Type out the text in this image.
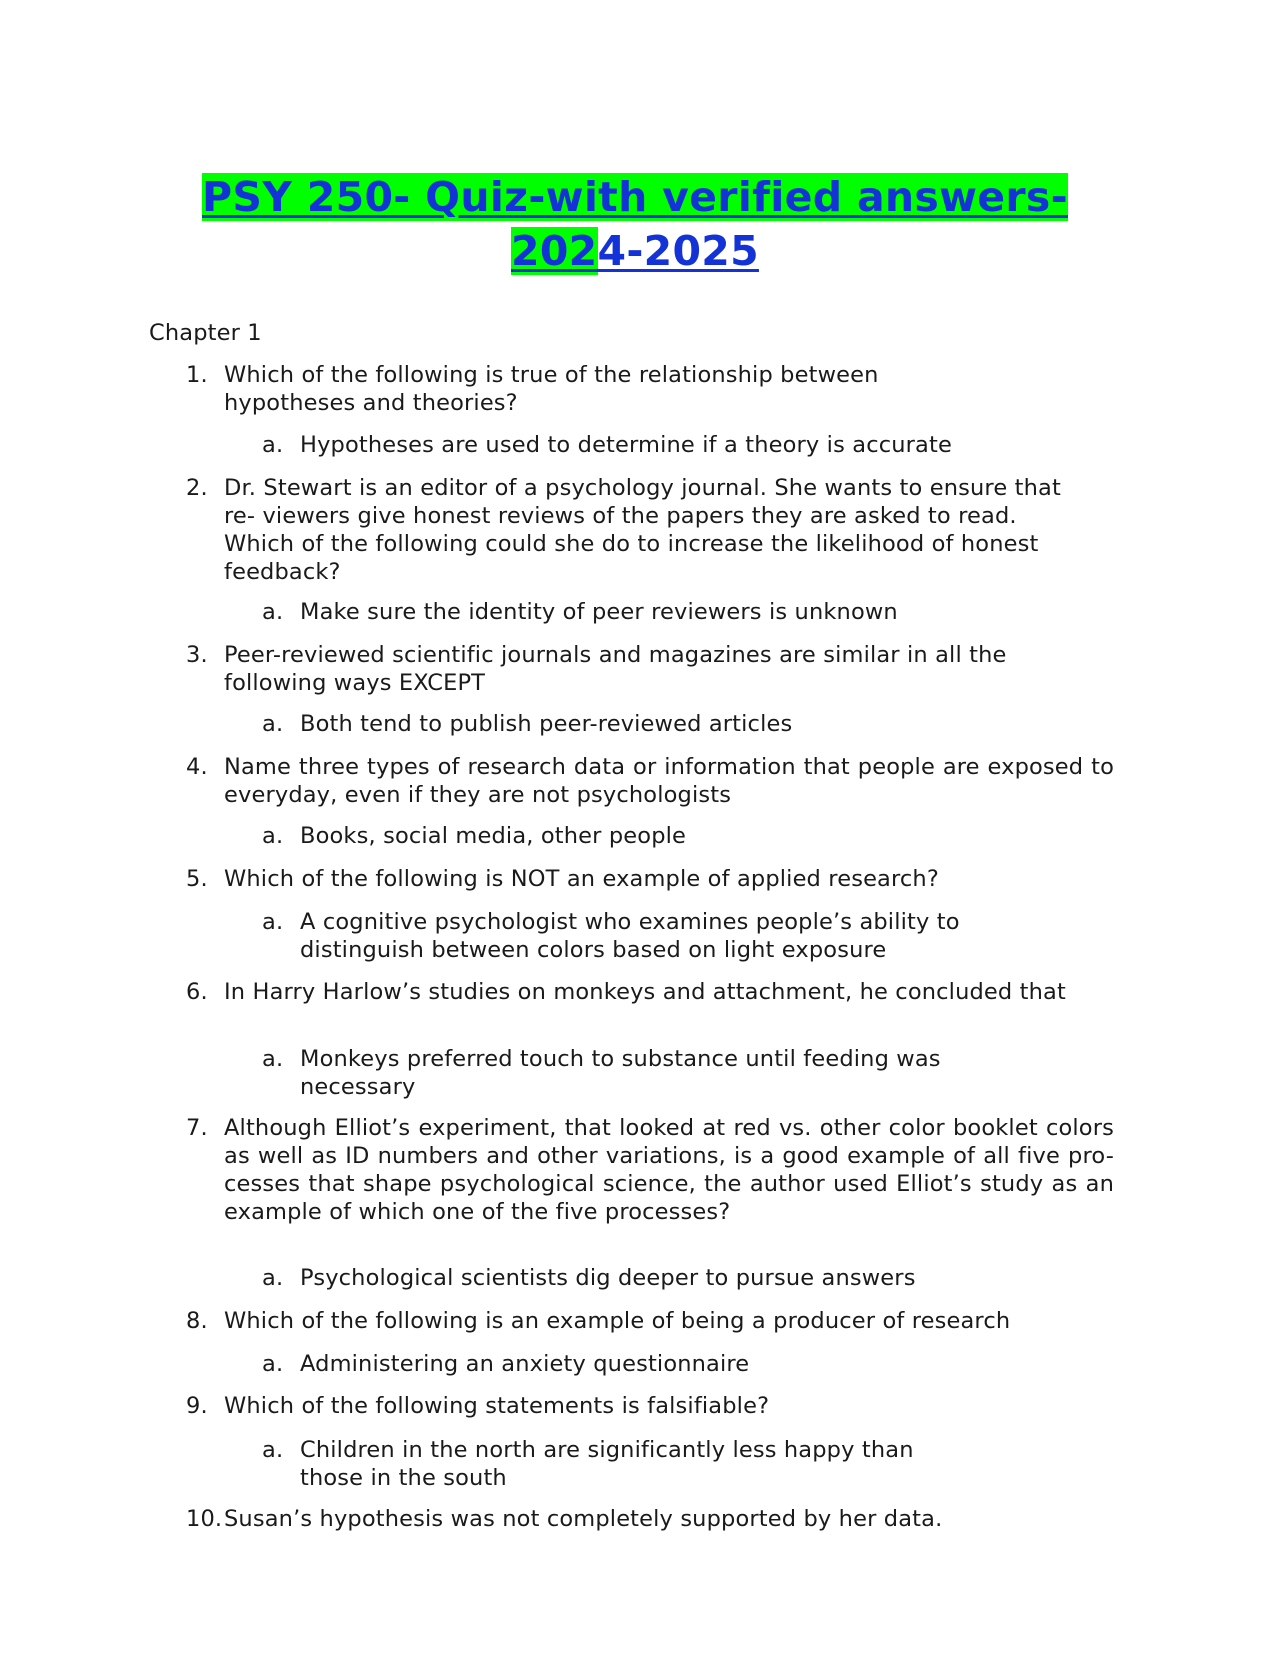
PSY 250- Quiz-with verified answers-
2024-2025
Chapter 1
1. Which of the following is true of the relationship between hypotheses and theories?
a. Hypotheses are used to determine if a theory is accurate
2. Dr. Stewart is an editor of a psychology journal. She wants to ensure that re- viewers give honest reviews of the papers they are asked to read. Which of the following could she do to increase the likelihood of honest feedback?
a. Make sure the identity of peer reviewers is unknown
3. Peer-reviewed scientific journals and magazines are similar in all the following ways EXCEPT
a. Both tend to publish peer-reviewed articles
4. Name three types of research data or information that people are exposed to everyday, even if they are not psychologists
a. Books, social media, other people
5. Which of the following is NOT an example of applied research?
a. A cognitive psychologist who examines people’s ability to distinguish between colors based on light exposure
6. In Harry Harlow’s studies on monkeys and attachment, he concluded that
a. Monkeys preferred touch to substance until feeding was necessary
7. Although Elliot’s experiment, that looked at red vs. other color booklet colors as well as ID numbers and other variations, is a good example of all five pro- cesses that shape psychological science, the author used Elliot’s study as an example of which one of the five processes?
a. Psychological scientists dig deeper to pursue answers
8. Which of the following is an example of being a producer of research
a. Administering an anxiety questionnaire
9. Which of the following statements is falsifiable?
a. Children in the north are significantly less happy than those in the south
10. Susan’s hypothesis was not completely supported by her data.
